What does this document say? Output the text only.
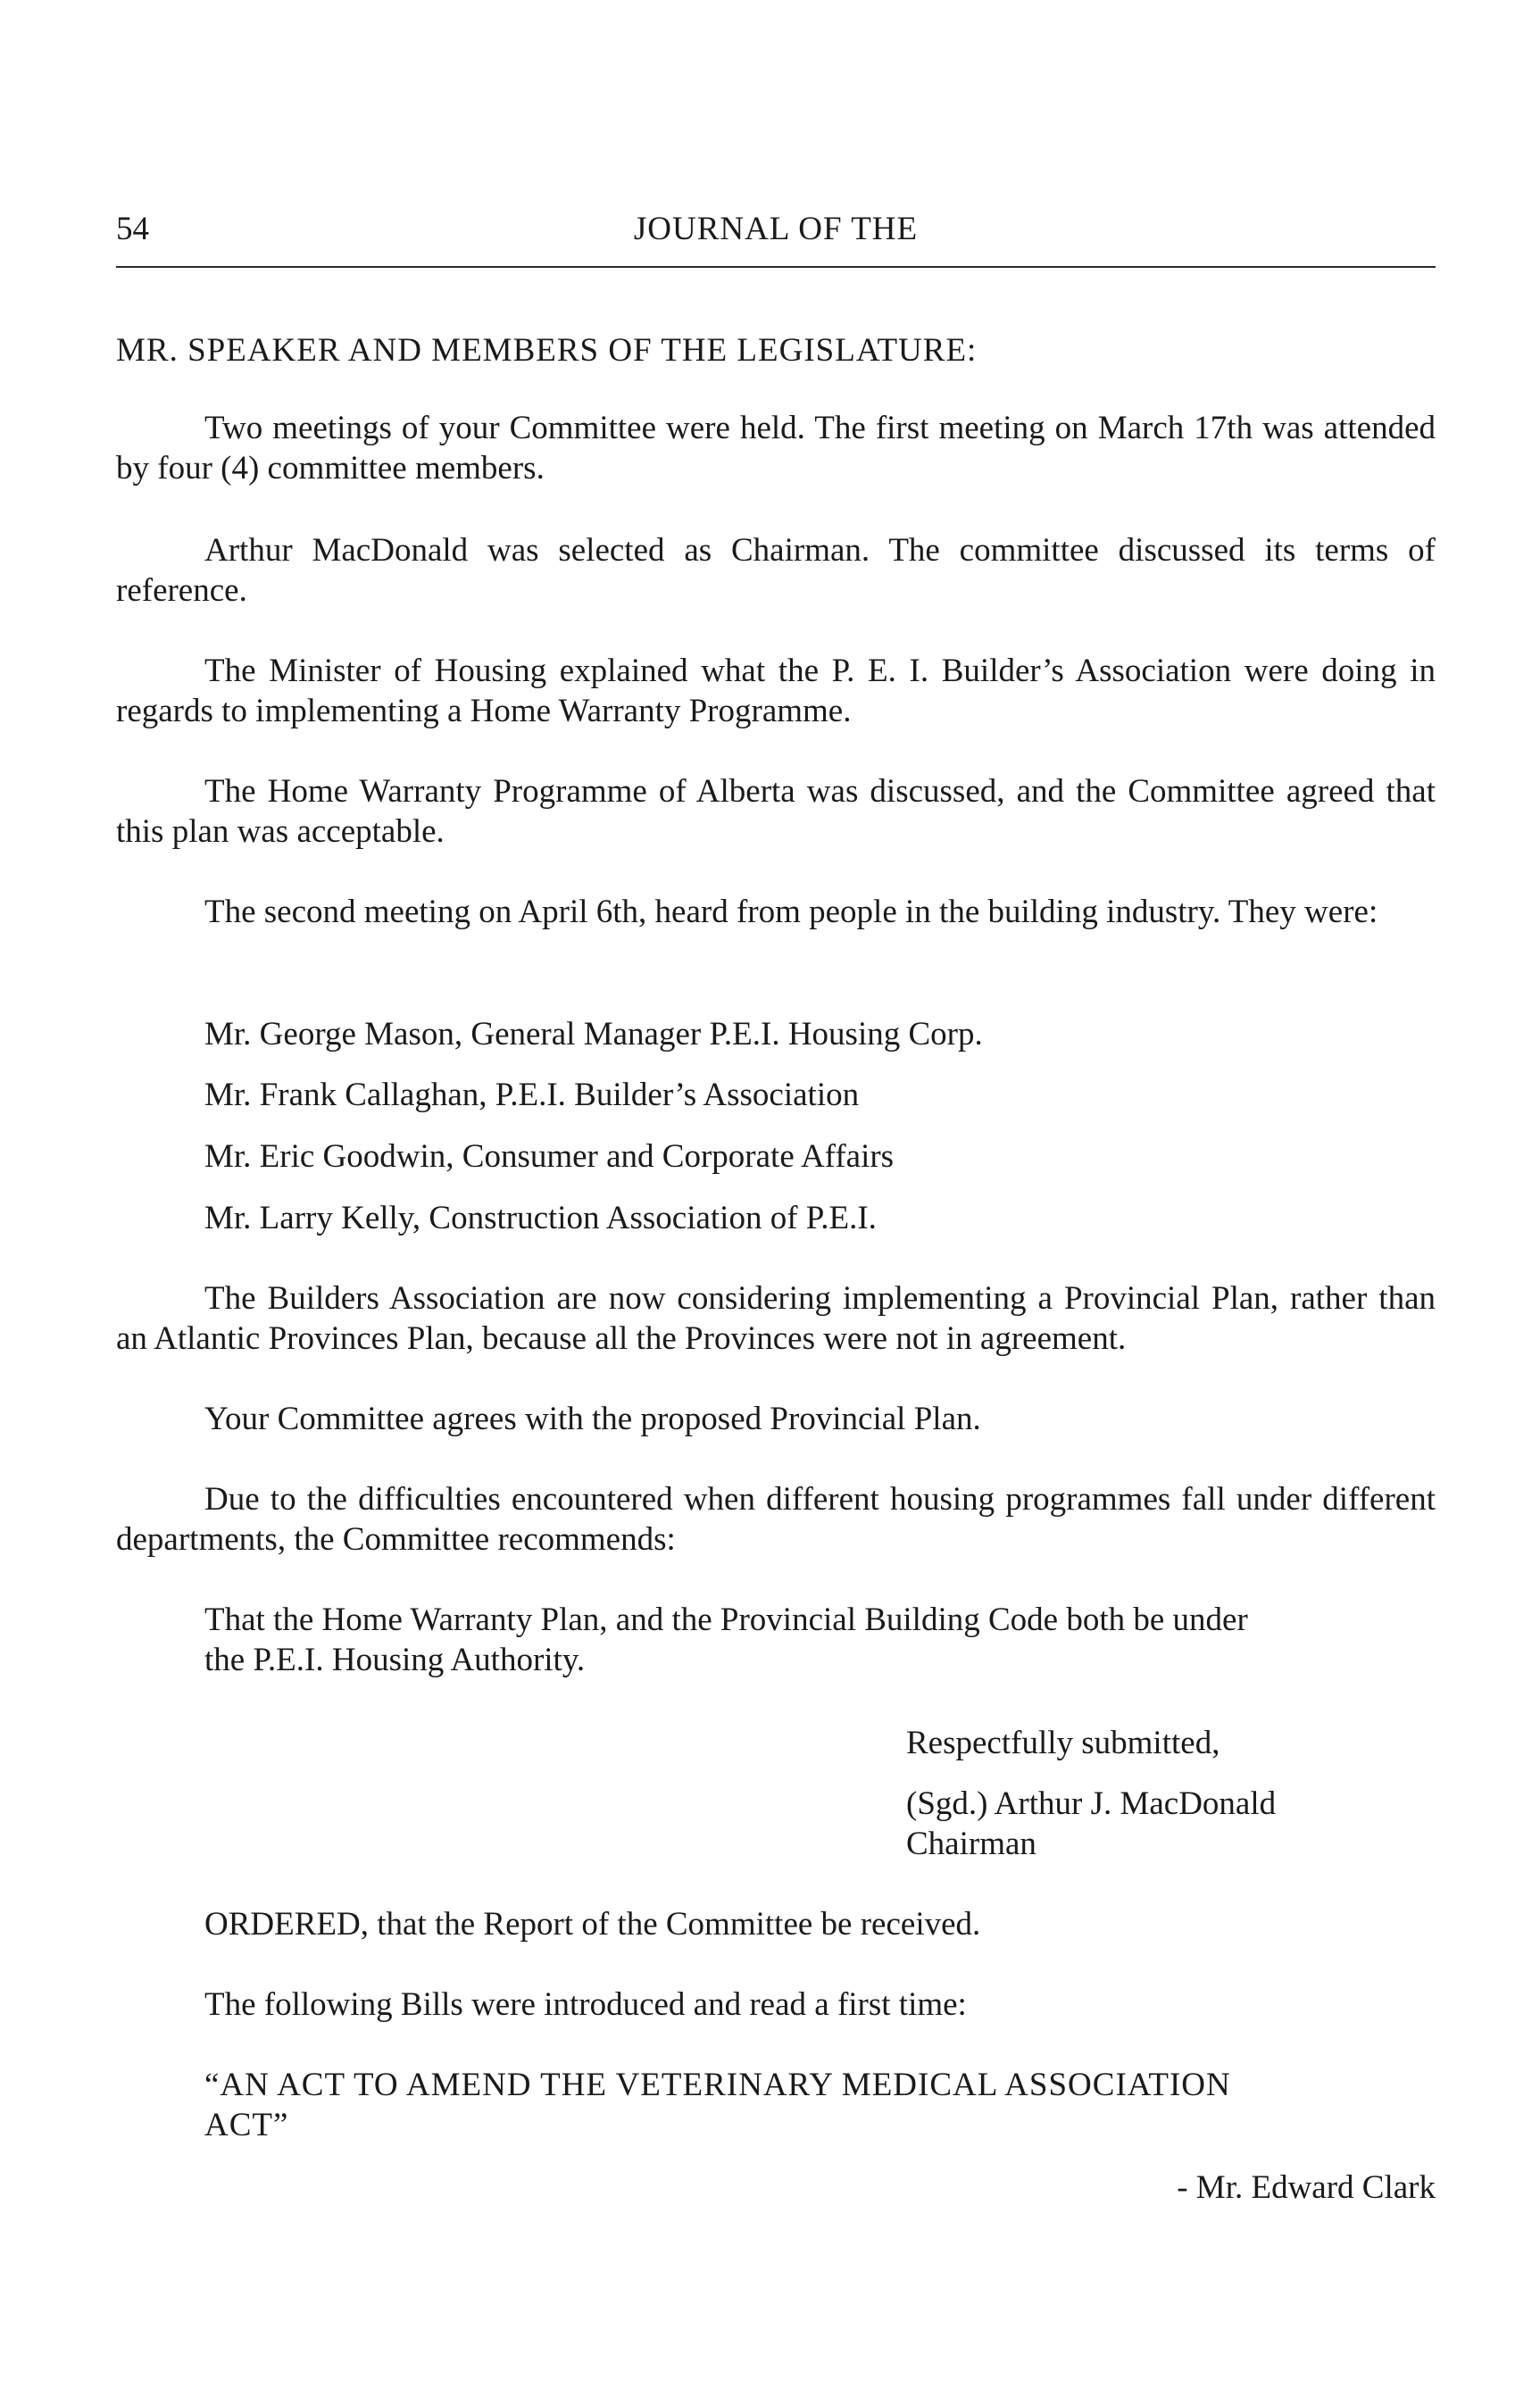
54	JOURNAL OF THE

MR. SPEAKER AND MEMBERS OF THE LEGISLATURE:

Two meetings of your Committee were held. The first meeting on March 17th was attended by four (4) committee members.

Arthur MacDonald was selected as Chairman. The committee discussed its terms of reference.

The Minister of Housing explained what the P. E. I. Builder’s Association were doing in regards to implementing a Home Warranty Programme.

The Home Warranty Programme of Alberta was discussed, and the Committee agreed that this plan was acceptable.

The second meeting on April 6th, heard from people in the building industry. They were:

Mr. George Mason, General Manager P.E.I. Housing Corp.

Mr. Frank Callaghan, P.E.I. Builder’s Association

Mr. Eric Goodwin, Consumer and Corporate Affairs

Mr. Larry Kelly, Construction Association of P.E.I.

The Builders Association are now considering implementing a Provincial Plan, rather than an Atlantic Provinces Plan, because all the Provinces were not in agreement.

Your Committee agrees with the proposed Provincial Plan.

Due to the difficulties encountered when different housing programmes fall under different departments, the Committee recommends:

That the Home Warranty Plan, and the Provincial Building Code both be under
the P.E.I. Housing Authority.

Respectfully submitted,

(Sgd.) Arthur J. MacDonald

Chairman

ORDERED, that the Report of the Committee be received.

The following Bills were introduced and read a first time:

“AN ACT TO AMEND THE VETERINARY MEDICAL ASSOCIATION
ACT”

- Mr. Edward Clark
